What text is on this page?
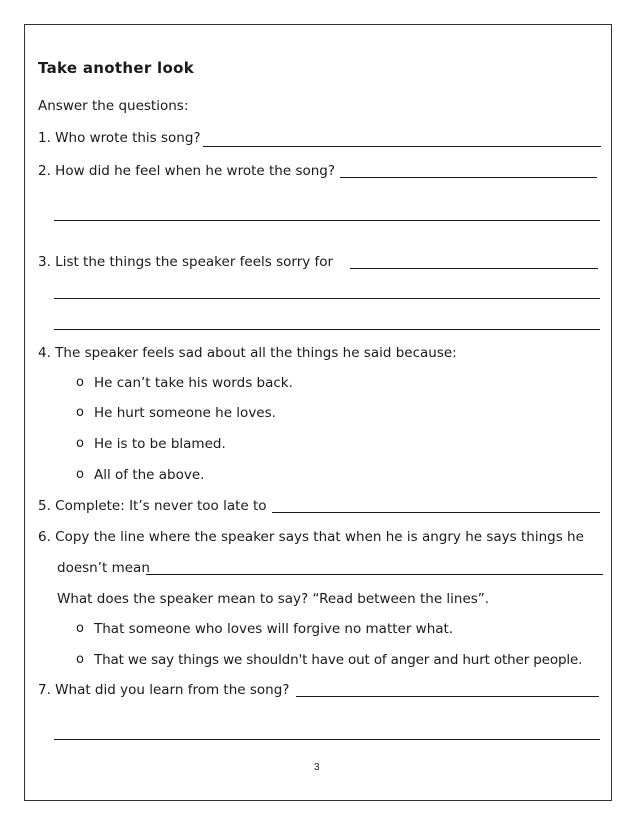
Take another look
Answer the questions:
1. Who wrote this song?
2. How did he feel when he wrote the song?
3. List the things the speaker feels sorry for
4. The speaker feels sad about all the things he said because:
o He can’t take his words back.
o He hurt someone he loves.
o He is to be blamed.
o All of the above.
5. Complete: It’s never too late to
6. Copy the line where the speaker says that when he is angry he says things he
doesn’t mean
What does the speaker mean to say? “Read between the lines”.
o That someone who loves will forgive no matter what.
o That we say things we shouldn't have out of anger and hurt other people.
7. What did you learn from the song?
3
